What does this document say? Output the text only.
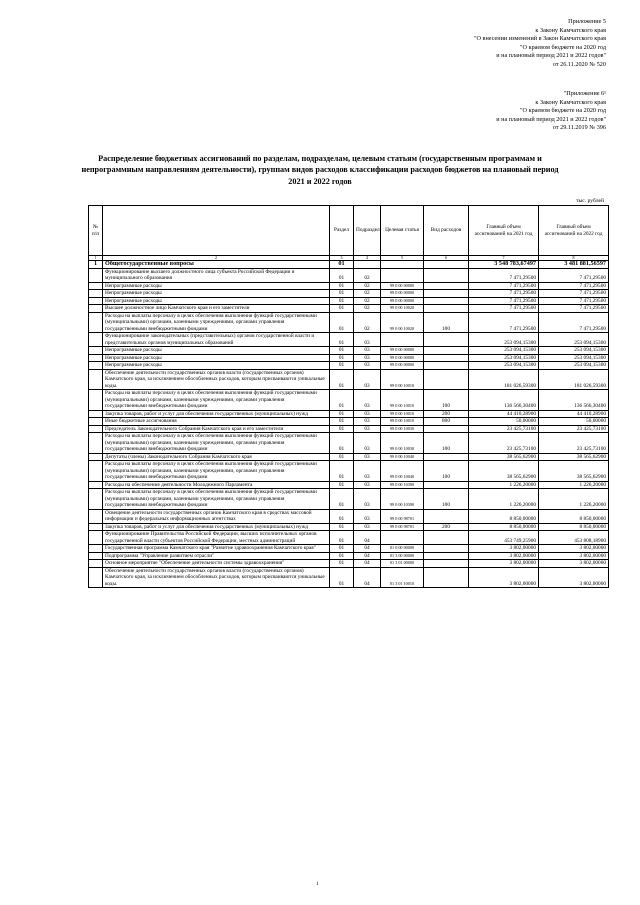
Приложение 5
к Закону Камчатского края
"О внесении изменений в Закон Камчатского края
"О краевом бюджете на 2020 год
и на плановый период 2021 и 2022 годов"
от 26.11.2020 № 520
"Приложение 6¹
к Закону Камчатского края
"О краевом бюджете на 2020 год
и на плановый период 2021 и 2022 годов"
от 29.11.2019 № 396
Распределение бюджетных ассигнований по разделам, подразделам, целевым статьям (государственным программам и непрограммным направлениям деятельности), группам видов расходов классификации расходов бюджетов на плановый период 2021 и 2022 годов
тыс. рублей
№ п/п		Раздел	Подраздел	Целевая статья	Вид расходов	Главный объем ассигнований на 2021 год	Главный объем ассигнований на 2022 год
1	2	3	4	5	6	7	8
1	Общегосударственные вопросы	01				3 548 783,67497	3 481 881,56597
	Функционирование высшего должностного лица субъекта Российской Федерации и муниципального образования	01	02			7 471,29500	7 471,29500
	Непрограммные расходы	01	02	99 0 00 00000		7 471,29500	7 471,29500
	Непрограммные расходы	01	02	99 0 00 00000		7 471,29500	7 471,29500
	Непрограммные расходы	01	02	99 0 00 00000		7 471,29500	7 471,29500
	Высшее должностное лицо Камчатского края и его заместители	01	02	99 0 00 10020		7 471,29500	7 471,29500
	Расходы на выплаты персоналу в целях обеспечения выполнения функций государственными (муниципальными) органами, казенными учреждениями, органами управления государственными внебюджетными фондами	01	02	99 0 00 10020	100	7 471,29500	7 471,29500
	Функционирование законодательных (представительных) органов государственной власти и представительных органов муниципальных образований	01	03			253 094,15300	253 094,15300
	Непрограммные расходы	01	03	99 0 00 00000		253 094,15300	253 094,15300
	Непрограммные расходы	01	03	99 0 00 00000		253 094,15300	253 094,15300
	Непрограммные расходы	01	03	99 0 00 00000		253 094,15300	253 094,15300
	Обеспечение деятельности государственных органов власти (государственных органов) Камчатского края, за исключением обособленных расходов, которым присваиваются уникальные коды.	01	03	99 0 00 10010		181 026,59300	181 026,59300
	Расходы на выплаты персоналу в целях обеспечения выполнения функций государственными (муниципальными) органами, казенными учреждениями, органами управления государственными внебюджетными фондами	01	03	99 0 00 10010	100	136 566,30400	136 566,30400
	Закупка товаров, работ и услуг для обеспечения государственных (муниципальных) нужд	01	03	99 0 00 10010	200	44 410,28900	44 410,28900
	Иные бюджетные ассигнования	01	03	99 0 00 10010	800	50,00000	50,00000
	Председатель Законодательного Собрания Камчатского края и его заместители	01	03	99 0 00 10030		23 425,73100	23 425,73100
	Расходы на выплаты персоналу в целях обеспечения выполнения функций государственными (муниципальными) органами, казенными учреждениями, органами управления государственными внебюджетными фондами	01	03	99 0 00 10030	100	23 425,73100	23 425,73100
	Депутаты (члены) Законодательного Собрания Камчатского края	01	03	99 0 00 10040		38 565,62900	38 565,62900
	Расходы на выплаты персоналу в целях обеспечения выполнения функций государственными (муниципальными) органами, казенными учреждениями, органами управления государственными внебюджетными фондами	01	03	99 0 00 10040	100	38 565,62900	38 565,62900
	Расходы на обеспечение деятельности Молодежного Парламента	01	03	99 0 00 10390		1 226,20000	1 226,20000
	Расходы на выплаты персоналу в целях обеспечения выполнения функций государственными (муниципальными) органами, казенными учреждениями, органами управления государственными внебюджетными фондами	01	03	99 0 00 10390	100	1 226,20000	1 226,20000
	Освещение деятельности государственных органов Камчатского края в средствах массовой информации и федеральных информационных агентствах	01	03	99 0 00 98701		8 850,00000	8 850,00000
	Закупка товаров, работ и услуг для обеспечения государственных (муниципальных) нужд	01	03	99 0 00 98701	200	8 850,00000	8 850,00000
	Функционирование Правительства Российской Федерации, высших исполнительных органов государственной власти субъектов Российской Федерации, местных администраций	01	04			453 749,25900	453 808,18900
	Государственная программа Камчатского края "Развитие здравоохранения Камчатского края"	01	04	01 0 00 00000		3 802,00000	3 802,00000
	Подпрограмма "Управление развитием отрасли"	01	04	01 3 00 00000		3 802,00000	3 802,00000
	Основное мероприятие "Обеспечение деятельности системы здравоохранения"	01	04	01 3 01 00000		3 802,00000	3 802,00000
	Обеспечение деятельности государственных органов власти (государственных органов) Камчатского края, за исключением обособленных расходов, которым присваиваются уникальные коды.	01	04	01 3 01 10010		3 802,00000	3 802,00000
1
